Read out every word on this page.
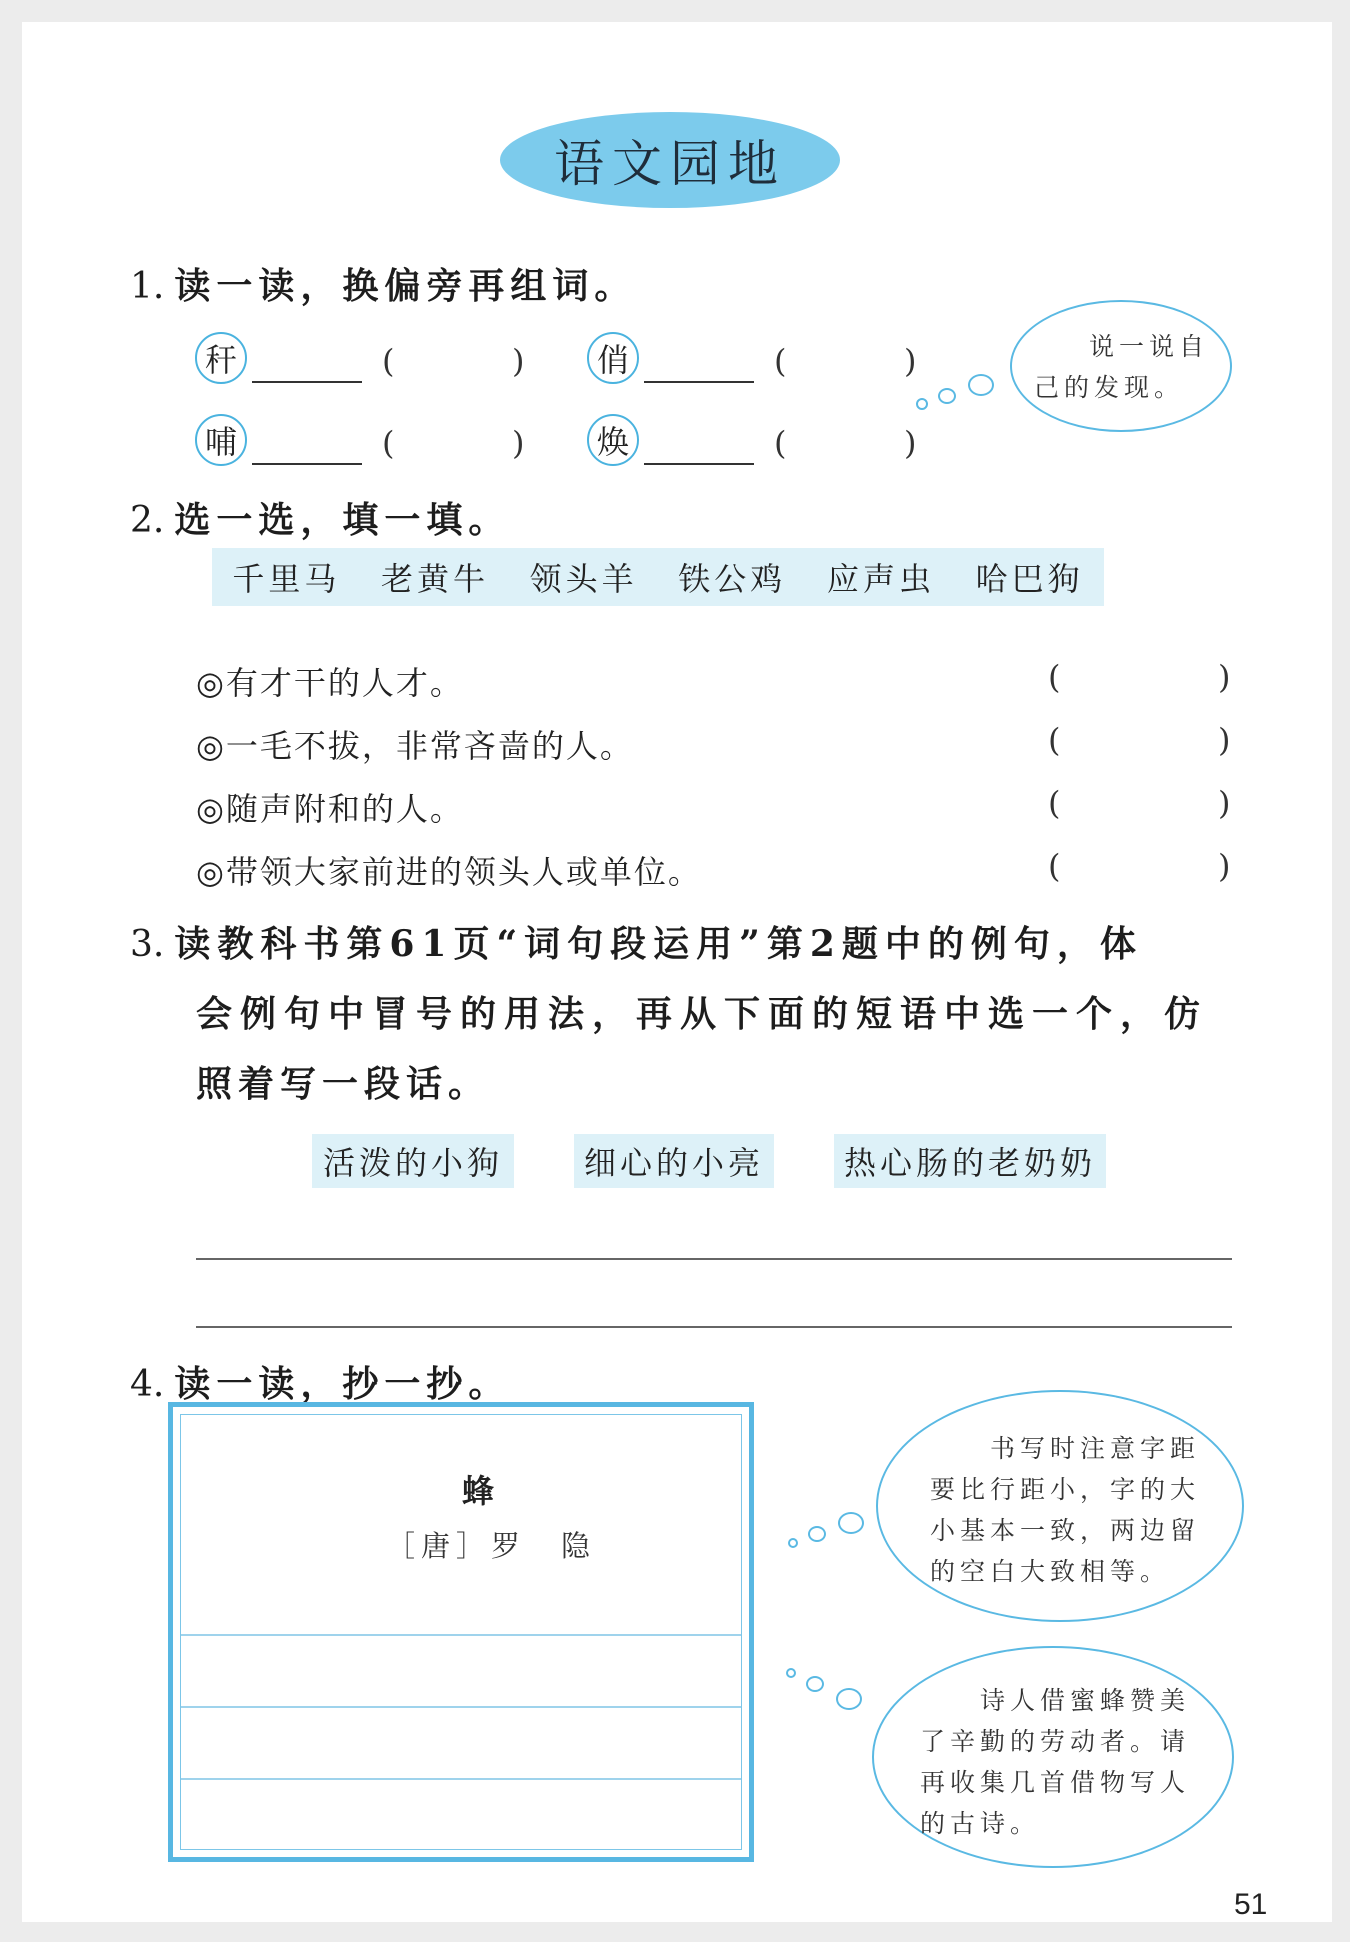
语文园地
1. 读一读，换偏旁再组词。
秆	(	) 俏	(	)
哺	(	) 焕	(	)
说一说自
己的发现。
2. 选一选，填一填。
千里马 老黄牛 领头羊 铁公鸡 应声虫 哈巴狗
◎有才干的人才。	(	)
◎一毛不拔，非常吝啬的人。	(	)
◎随声附和的人。	(	)
◎带领大家前进的领头人或单位。	(	)
3. 读教科书第61页“词句段运用”第2题中的例句，体
会例句中冒号的用法，再从下面的短语中选一个，仿
照着写一段话。
活泼的小狗	细心的小亮	热心肠的老奶奶
4. 读一读，抄一抄。
蜂
［唐］罗　隐
书写时注意字距
要比行距小，字的大
小基本一致，两边留
的空白大致相等。
诗人借蜜蜂赞美
了辛勤的劳动者。请
再收集几首借物写人
的古诗。
51
